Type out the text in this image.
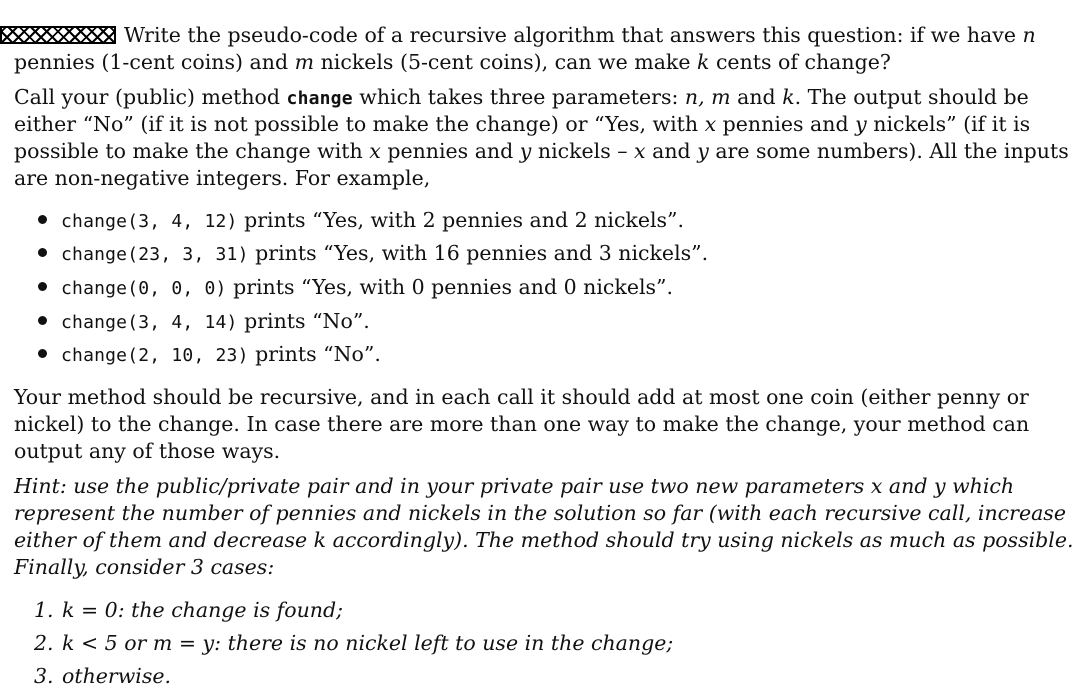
Write the pseudo-code of a recursive algorithm that answers this question: if we have n
pennies (1-cent coins) and m nickels (5-cent coins), can we make k cents of change?
Call your (public) method change which takes three parameters: n, m and k. The output should be
either “No” (if it is not possible to make the change) or “Yes, with x pennies and y nickels” (if it is
possible to make the change with x pennies and y nickels – x and y are some numbers). All the inputs
are non-negative integers. For example,
change(3, 4, 12) prints “Yes, with 2 pennies and 2 nickels”.
change(23, 3, 31) prints “Yes, with 16 pennies and 3 nickels”.
change(0, 0, 0) prints “Yes, with 0 pennies and 0 nickels”.
change(3, 4, 14) prints “No”.
change(2, 10, 23) prints “No”.
Your method should be recursive, and in each call it should add at most one coin (either penny or
nickel) to the change. In case there are more than one way to make the change, your method can
output any of those ways.
Hint: use the public/private pair and in your private pair use two new parameters x and y which
represent the number of pennies and nickels in the solution so far (with each recursive call, increase
either of them and decrease k accordingly). The method should try using nickels as much as possible.
Finally, consider 3 cases:
1. k = 0: the change is found;
2. k < 5 or m = y: there is no nickel left to use in the change;
3. otherwise.
